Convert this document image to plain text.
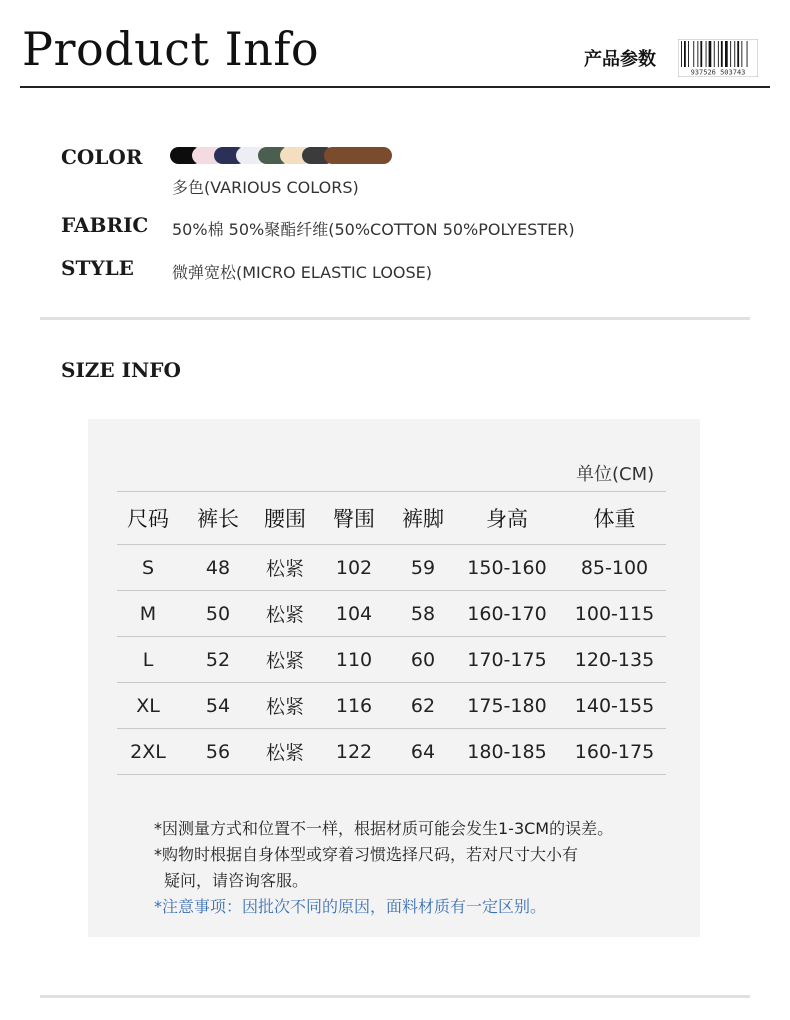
Product Info	产品参数
937526 503743
COLOR
多色(VARIOUS COLORS)
FABRIC 50%棉 50%聚酯纤维(50%COTTON 50%POLYESTER)
STYLE 微弹宽松(MICRO ELASTIC LOOSE)
SIZE INFO
单位(CM)
尺码	裤长	腰围	臀围	裤脚	身高	体重
S	48	松紧	102	59	150-160	85-100
M	50	松紧	104	58	160-170	100-115
L	52	松紧	110	60	170-175	120-135
XL	54	松紧	116	62	175-180	140-155
2XL	56	松紧	122	64	180-185	160-175
*因测量方式和位置不一样，根据材质可能会发生1-3CM的误差。
*购物时根据自身体型或穿着习惯选择尺码，若对尺寸大小有
疑问，请咨询客服。
*注意事项：因批次不同的原因，面料材质有一定区别。
